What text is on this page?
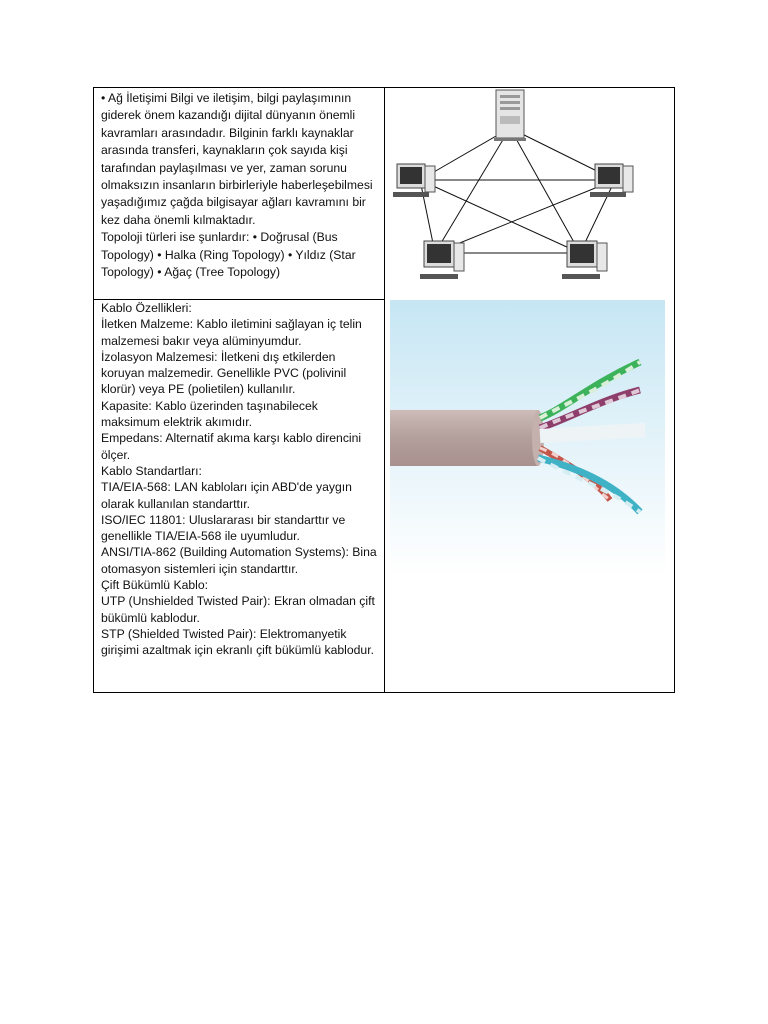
• Ağ İletişimi Bilgi ve iletişim, bilgi paylaşımının giderek önem kazandığı dijital dünyanın önemli kavramları arasındadır. Bilginin farklı kaynaklar arasında transferi, kaynakların çok sayıda kişi tarafından paylaşılması ve yer, zaman sorunu olmaksızın insanların birbirleriyle haberleşebilmesi yaşadığımız çağda bilgisayar ağları kavramını bir kez daha önemli kılmaktadır.
Topoloji türleri ise şunlardır: • Doğrusal (Bus Topology) • Halka (Ring Topology) • Yıldız (Star Topology) • Ağaç (Tree Topology)
Kablo Özellikleri:
İletken Malzeme: Kablo iletimini sağlayan iç telin malzemesi bakır veya alüminyumdur.
İzolasyon Malzemesi: İletkeni dış etkilerden koruyan malzemedir. Genellikle PVC (polivinil klorür) veya PE (polietilen) kullanılır.
Kapasite: Kablo üzerinden taşınabilecek maksimum elektrik akımıdır.
Empedans: Alternatif akıma karşı kablo direncini ölçer.
Kablo Standartları:
TIA/EIA-568: LAN kabloları için ABD'de yaygın olarak kullanılan standarttır.
ISO/IEC 11801: Uluslararası bir standarttır ve genellikle TIA/EIA-568 ile uyumludur.
ANSI/TIA-862 (Building Automation Systems): Bina otomasyon sistemleri için standarttır.
Çift Bükümlü Kablo:
UTP (Unshielded Twisted Pair): Ekran olmadan çift bükümlü kablodur.
STP (Shielded Twisted Pair): Elektromanyetik girişimi azaltmak için ekranlı çift bükümlü kablodur.
